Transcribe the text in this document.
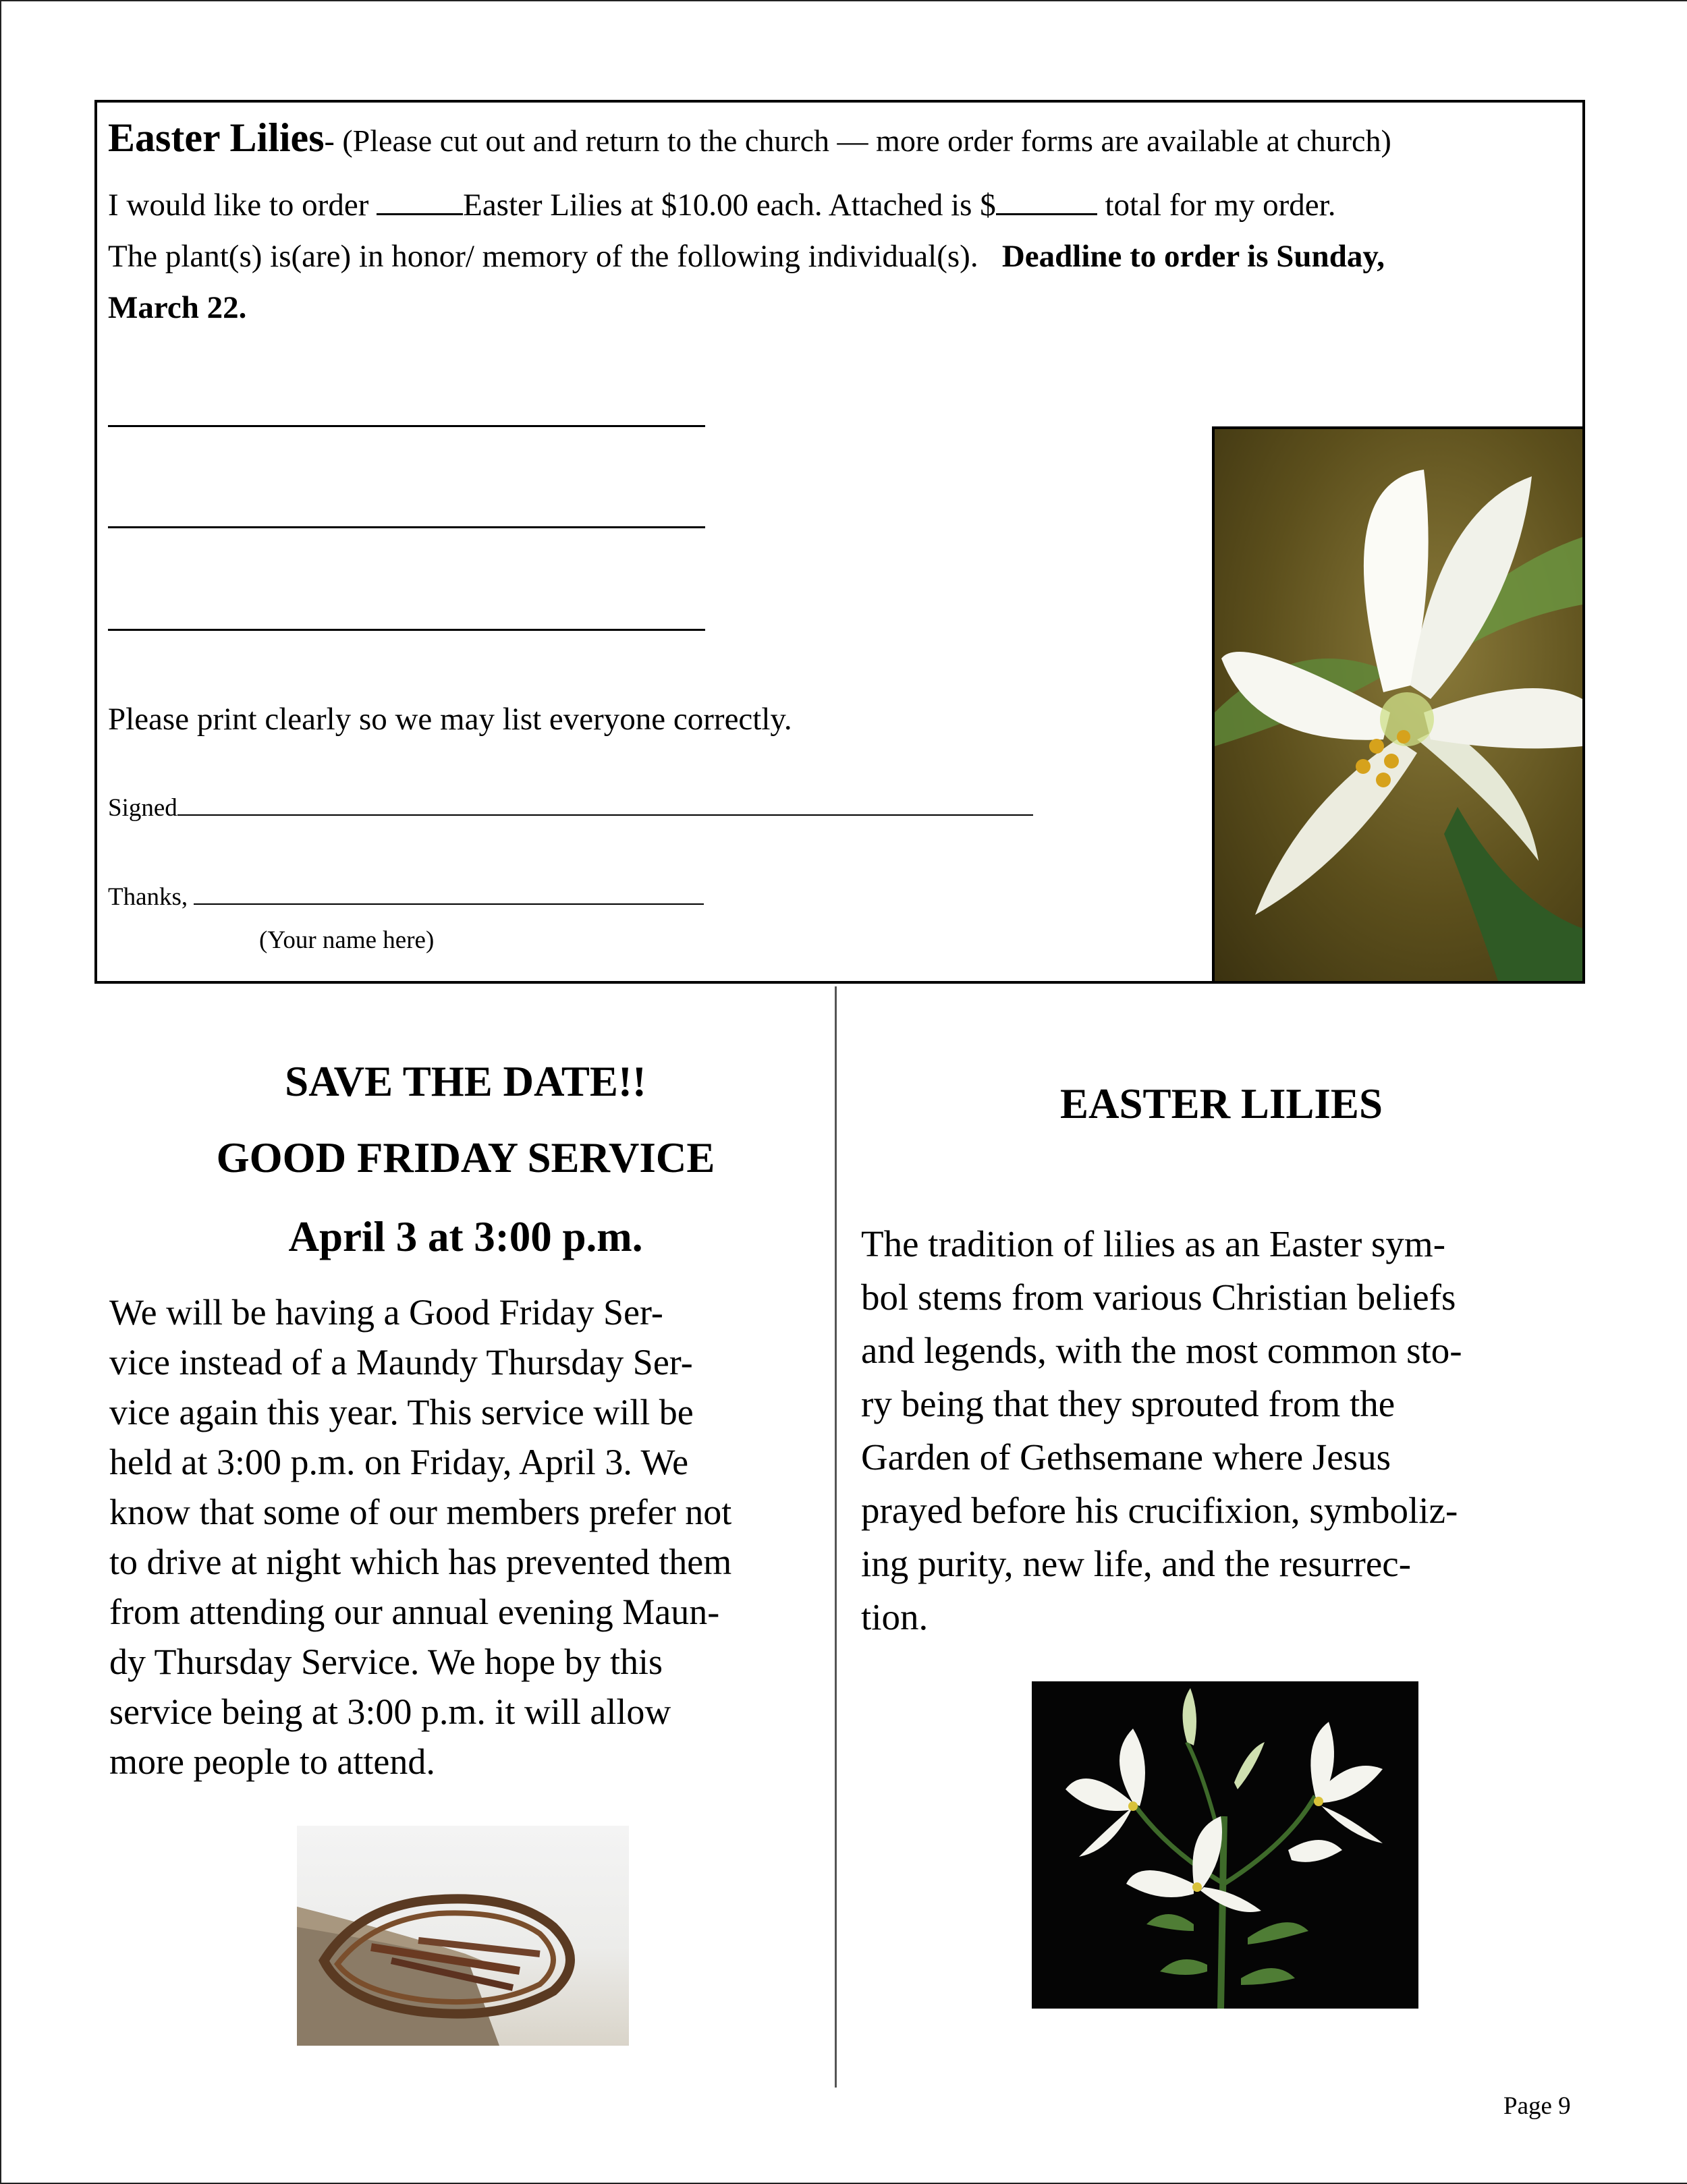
Easter Lilies- (Please cut out and return to the church — more order forms are available at church)
I would like to order	Easter Lilies at $10.00 each. Attached is $	total for my order.
The plant(s) is(are) in honor/ memory of the following individual(s). Deadline to order is Sunday,
March 22.
Please print clearly so we may list everyone correctly.
Signed
Thanks,
(Your name here)
SAVE THE DATE!!
GOOD FRIDAY SERVICE
April 3 at 3:00 p.m.

We will be having a Good Friday Ser-
vice instead of a Maundy Thursday Ser-
vice again this year. This service will be
held at 3:00 p.m. on Friday, April 3. We
know that some of our members prefer not
to drive at night which has prevented them
from attending our annual evening Maun-
dy Thursday Service. We hope by this
service being at 3:00 p.m. it will allow
more people to attend.

EASTER LILIES

The tradition of lilies as an Easter sym-
bol stems from various Christian beliefs
and legends, with the most common sto-
ry being that they sprouted from the
Garden of Gethsemane where Jesus
prayed before his crucifixion, symboliz-
ing purity, new life, and the resurrec-
tion.

Page 9
